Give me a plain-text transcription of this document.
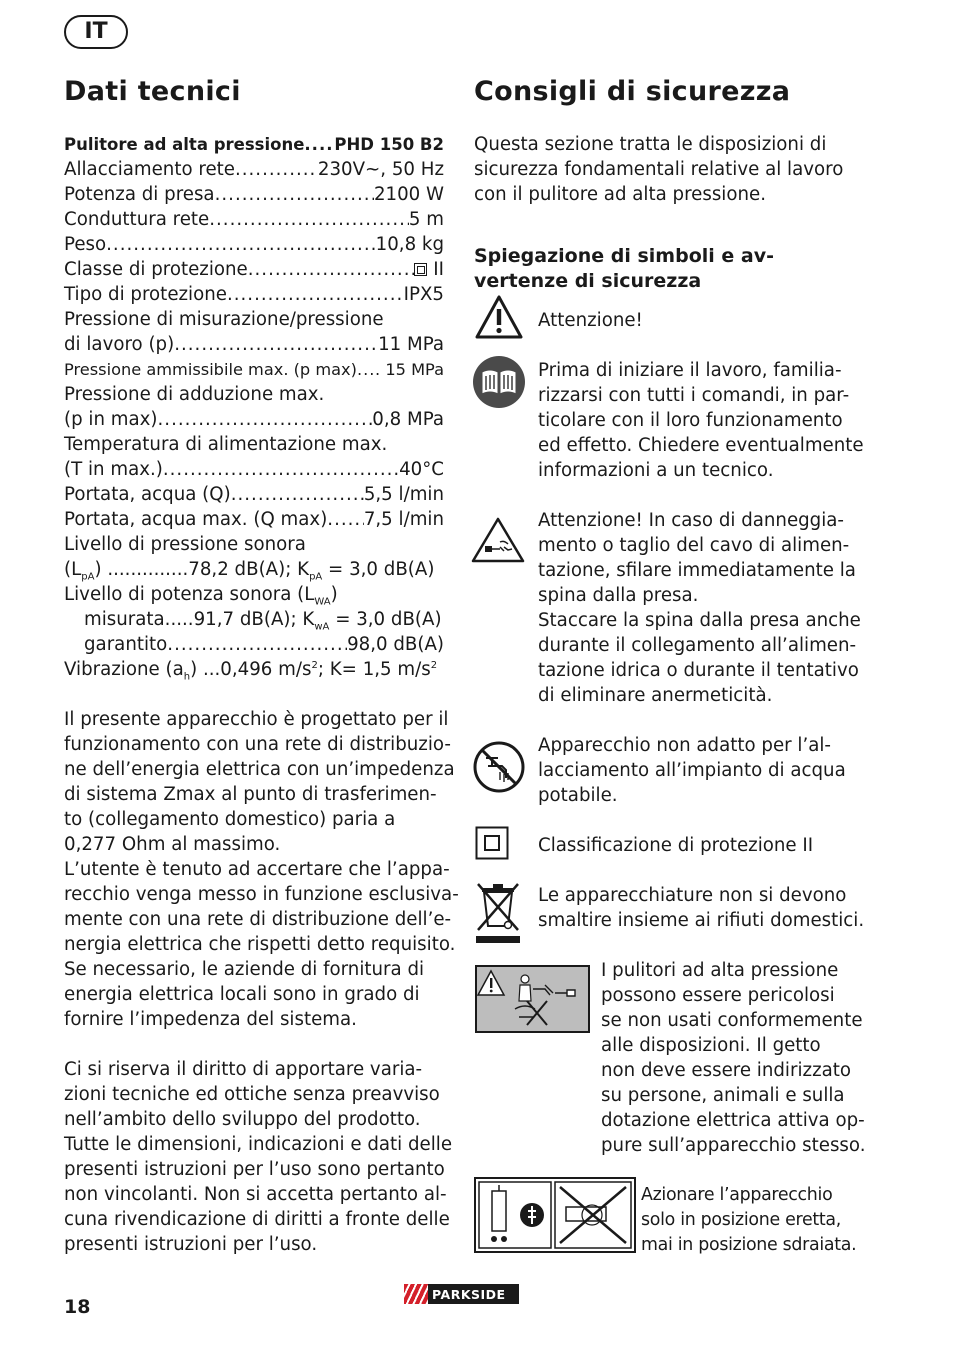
IT
Dati tecnici	Consigli di sicurezza
Pulitore ad alta pressione ..... PHD 150 B2
Allacciamento rete .....	230V~, 50 Hz
Potenza di presa .....	2100 W
Conduttura rete .....	5 m
Peso .....	10,8 kg
Classe di protezione .....	II
Tipo di protezione .....	IPX5
Pressione di misurazione/pressione
di lavoro (p) .....	11 MPa
Pressione ammissibile max. (p max) ..... . 15 MPa
Pressione di adduzione max.
(p in max) .....	0,8 MPa
Temperatura di alimentazione max.
(T in max.) .....	40°C
Portata, acqua (Q) .....	5,5 l/min
Portata, acqua max. (Q max) ..... 7,5 l/min
Livello di pressione sonora
$(L_{pA})$ ..............78,2 dB(A); $K_{pA} = 3,0$ dB(A)
Livello di potenza sonora $(L_{WA})$
misurata.....91,7 dB(A); $K_{wA} = 3,0$ dB(A)
garantito .....	98,0 dB(A)
Vibrazione $(a_h)$ ...0,496 $m/s^2$; K= 1,5 $m/s^2$
Il presente apparecchio è progettato per il
funzionamento con una rete di distribuzio-
ne dell’energia elettrica con un’impedenza
di sistema Zmax al punto di trasferimen-
to (collegamento domestico) paria a
0,277 Ohm al massimo.
L’utente è tenuto ad accertare che l’appa-
recchio venga messo in funzione esclusiva-
mente con una rete di distribuzione dell’e-
nergia elettrica che rispetti detto requisito.
Se necessario, le aziende di fornitura di
energia elettrica locali sono in grado di
fornire l’impedenza del sistema.
Ci si riserva il diritto di apportare varia-
zioni tecniche ed ottiche senza preavviso
nell’ambito dello sviluppo del prodotto.
Tutte le dimensioni, indicazioni e dati delle
presenti istruzioni per l’uso sono pertanto
non vincolanti. Non si accetta pertanto al-
cuna rivendicazione di diritti a fronte delle
presenti istruzioni per l’uso.
Questa sezione tratta le disposizioni di
sicurezza fondamentali relative al lavoro
con il pulitore ad alta pressione.
Spiegazione di simboli e av-
vertenze di sicurezza
Attenzione!
Prima di iniziare il lavoro, familia-
rizzarsi con tutti i comandi, in par-
ticolare con il loro funzionamento
ed effetto. Chiedere eventualmente
informazioni a un tecnico.
Attenzione! In caso di danneggia-
mento o taglio del cavo di alimen-
tazione, sfilare immediatamente la
spina dalla presa.
Staccare la spina dalla presa anche
durante il collegamento all’alimen-
tazione idrica o durante il tentativo
di eliminare anermeticità.
Apparecchio non adatto per l’al-
lacciamento all’impianto di acqua
potabile.
Classificazione di protezione II
Le apparecchiature non si devono
smaltire insieme ai rifiuti domestici.
I pulitori ad alta pressione
possono essere pericolosi
se non usati conformemente
alle disposizioni. Il getto
non deve essere indirizzato
su persone, animali e sulla
dotazione elettrica attiva op-
pure sull’apparecchio stesso.
Azionare l’apparecchio
solo in posizione eretta,
mai in posizione sdraiata.
18
PARKSIDE
